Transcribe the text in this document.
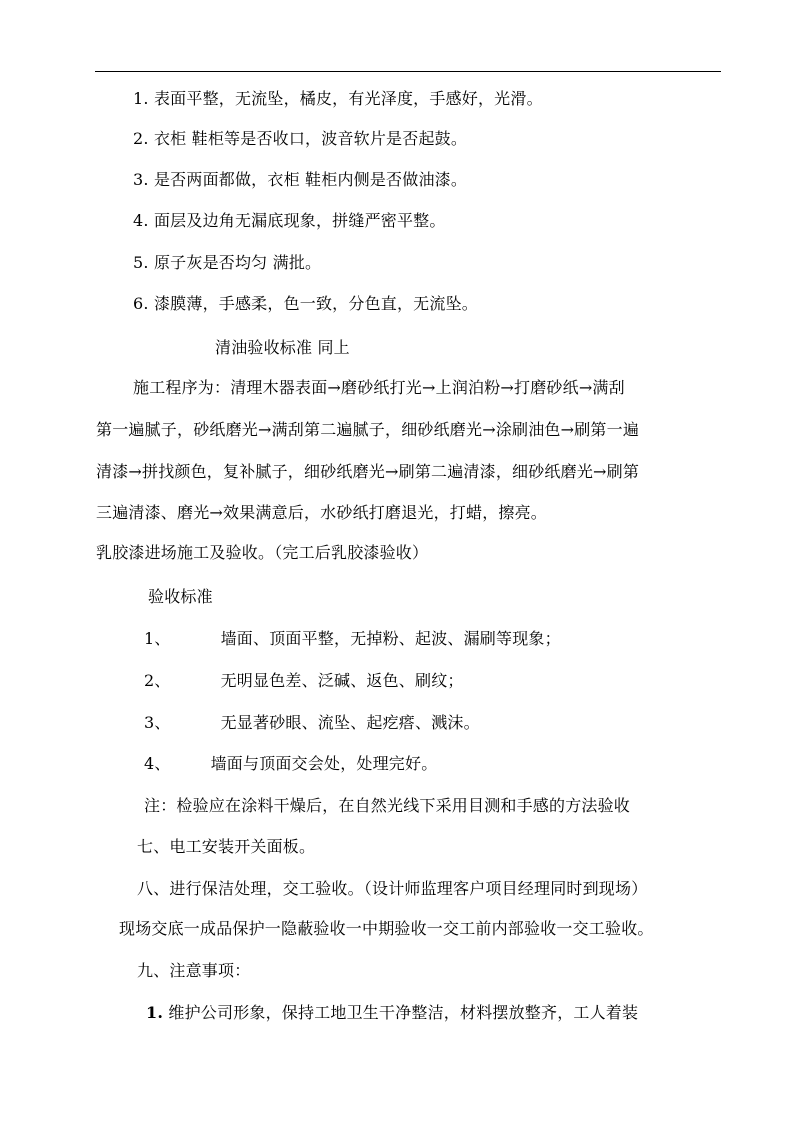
1. 表面平整，无流坠，橘皮，有光泽度，手感好，光滑。
2. 衣柜 鞋柜等是否收口，波音软片是否起鼓。
3. 是否两面都做，衣柜 鞋柜内侧是否做油漆。
4. 面层及边角无漏底现象，拼缝严密平整。
5. 原子灰是否均匀 满批。
6. 漆膜薄，手感柔，色一致，分色直，无流坠。
清油验收标准 同上
施工程序为：清理木器表面→磨砂纸打光→上润泊粉→打磨砂纸→满刮
第一遍腻子，砂纸磨光→满刮第二遍腻子，细砂纸磨光→涂刷油色→刷第一遍
清漆→拼找颜色，复补腻子，细砂纸磨光→刷第二遍清漆，细砂纸磨光→刷第
三遍清漆、磨光→效果满意后，水砂纸打磨退光，打蜡，擦亮。
乳胶漆进场施工及验收。（完工后乳胶漆验收）
验收标准
1、	墙面、顶面平整，无掉粉、起波、漏刷等现象；
2、	无明显色差、泛碱、返色、刷纹；
3、	无显著砂眼、流坠、起疙瘩、溅沫。
4、	墙面与顶面交会处，处理完好。
注：检验应在涂料干燥后，在自然光线下采用目测和手感的方法验收
七、电工安装开关面板。
八、进行保洁处理，交工验收。（设计师监理客户项目经理同时到现场）
现场交底一成品保护一隐蔽验收一中期验收一交工前内部验收一交工验收。
九、注意事项：
1. 维护公司形象，保持工地卫生干净整洁，材料摆放整齐，工人着装
